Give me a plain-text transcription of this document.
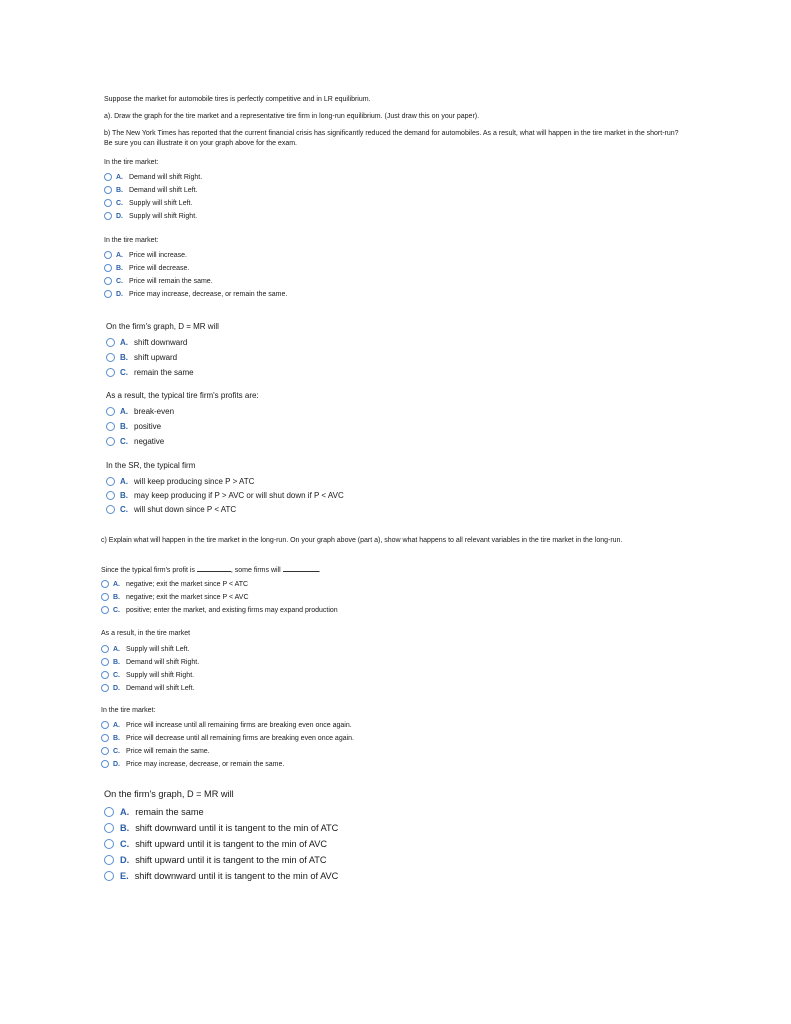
Suppose the market for automobile tires is perfectly competitive and in LR equilibrium.
a). Draw the graph for the tire market and a representative tire firm in long-run equilibrium. (Just draw this on your paper).
b) The New York Times has reported that the current financial crisis has significantly reduced the demand for automobiles. As a result, what will happen in the tire market in the short-run? Be sure you can illustrate it on your graph above for the exam.
In the tire market:
A. Demand will shift Right.
B. Demand will shift Left.
C. Supply will shift Left.
D. Supply will shift Right.
In the tire market:
A. Price will increase.
B. Price will decrease.
C. Price will remain the same.
D. Price may increase, decrease, or remain the same.
On the firm's graph, D = MR will
A. shift downward
B. shift upward
C. remain the same
As a result, the typical tire firm's profits are:
A. break-even
B. positive
C. negative
In the SR, the typical firm
A. will keep producing since P > ATC
B. may keep producing if P > AVC or will shut down if P < AVC
C. will shut down since P < ATC
c) Explain what will happen in the tire market in the long-run. On your graph above (part a), show what happens to all relevant variables in the tire market in the long-run.
Since the typical firm's profit is	, some firms will	.
A. negative; exit the market since P < ATC
B. negative; exit the market since P < AVC
C. positive; enter the market, and existing firms may expand production
As a result, in the tire market
A. Supply will shift Left.
B. Demand will shift Right.
C. Supply will shift Right.
D. Demand will shift Left.
In the tire market:
A. Price will increase until all remaining firms are breaking even once again.
B. Price will decrease until all remaining firms are breaking even once again.
C. Price will remain the same.
D. Price may increase, decrease, or remain the same.
On the firm's graph, D = MR will
A. remain the same
B. shift downward until it is tangent to the min of ATC
C. shift upward until it is tangent to the min of AVC
D. shift upward until it is tangent to the min of ATC
E. shift downward until it is tangent to the min of AVC
